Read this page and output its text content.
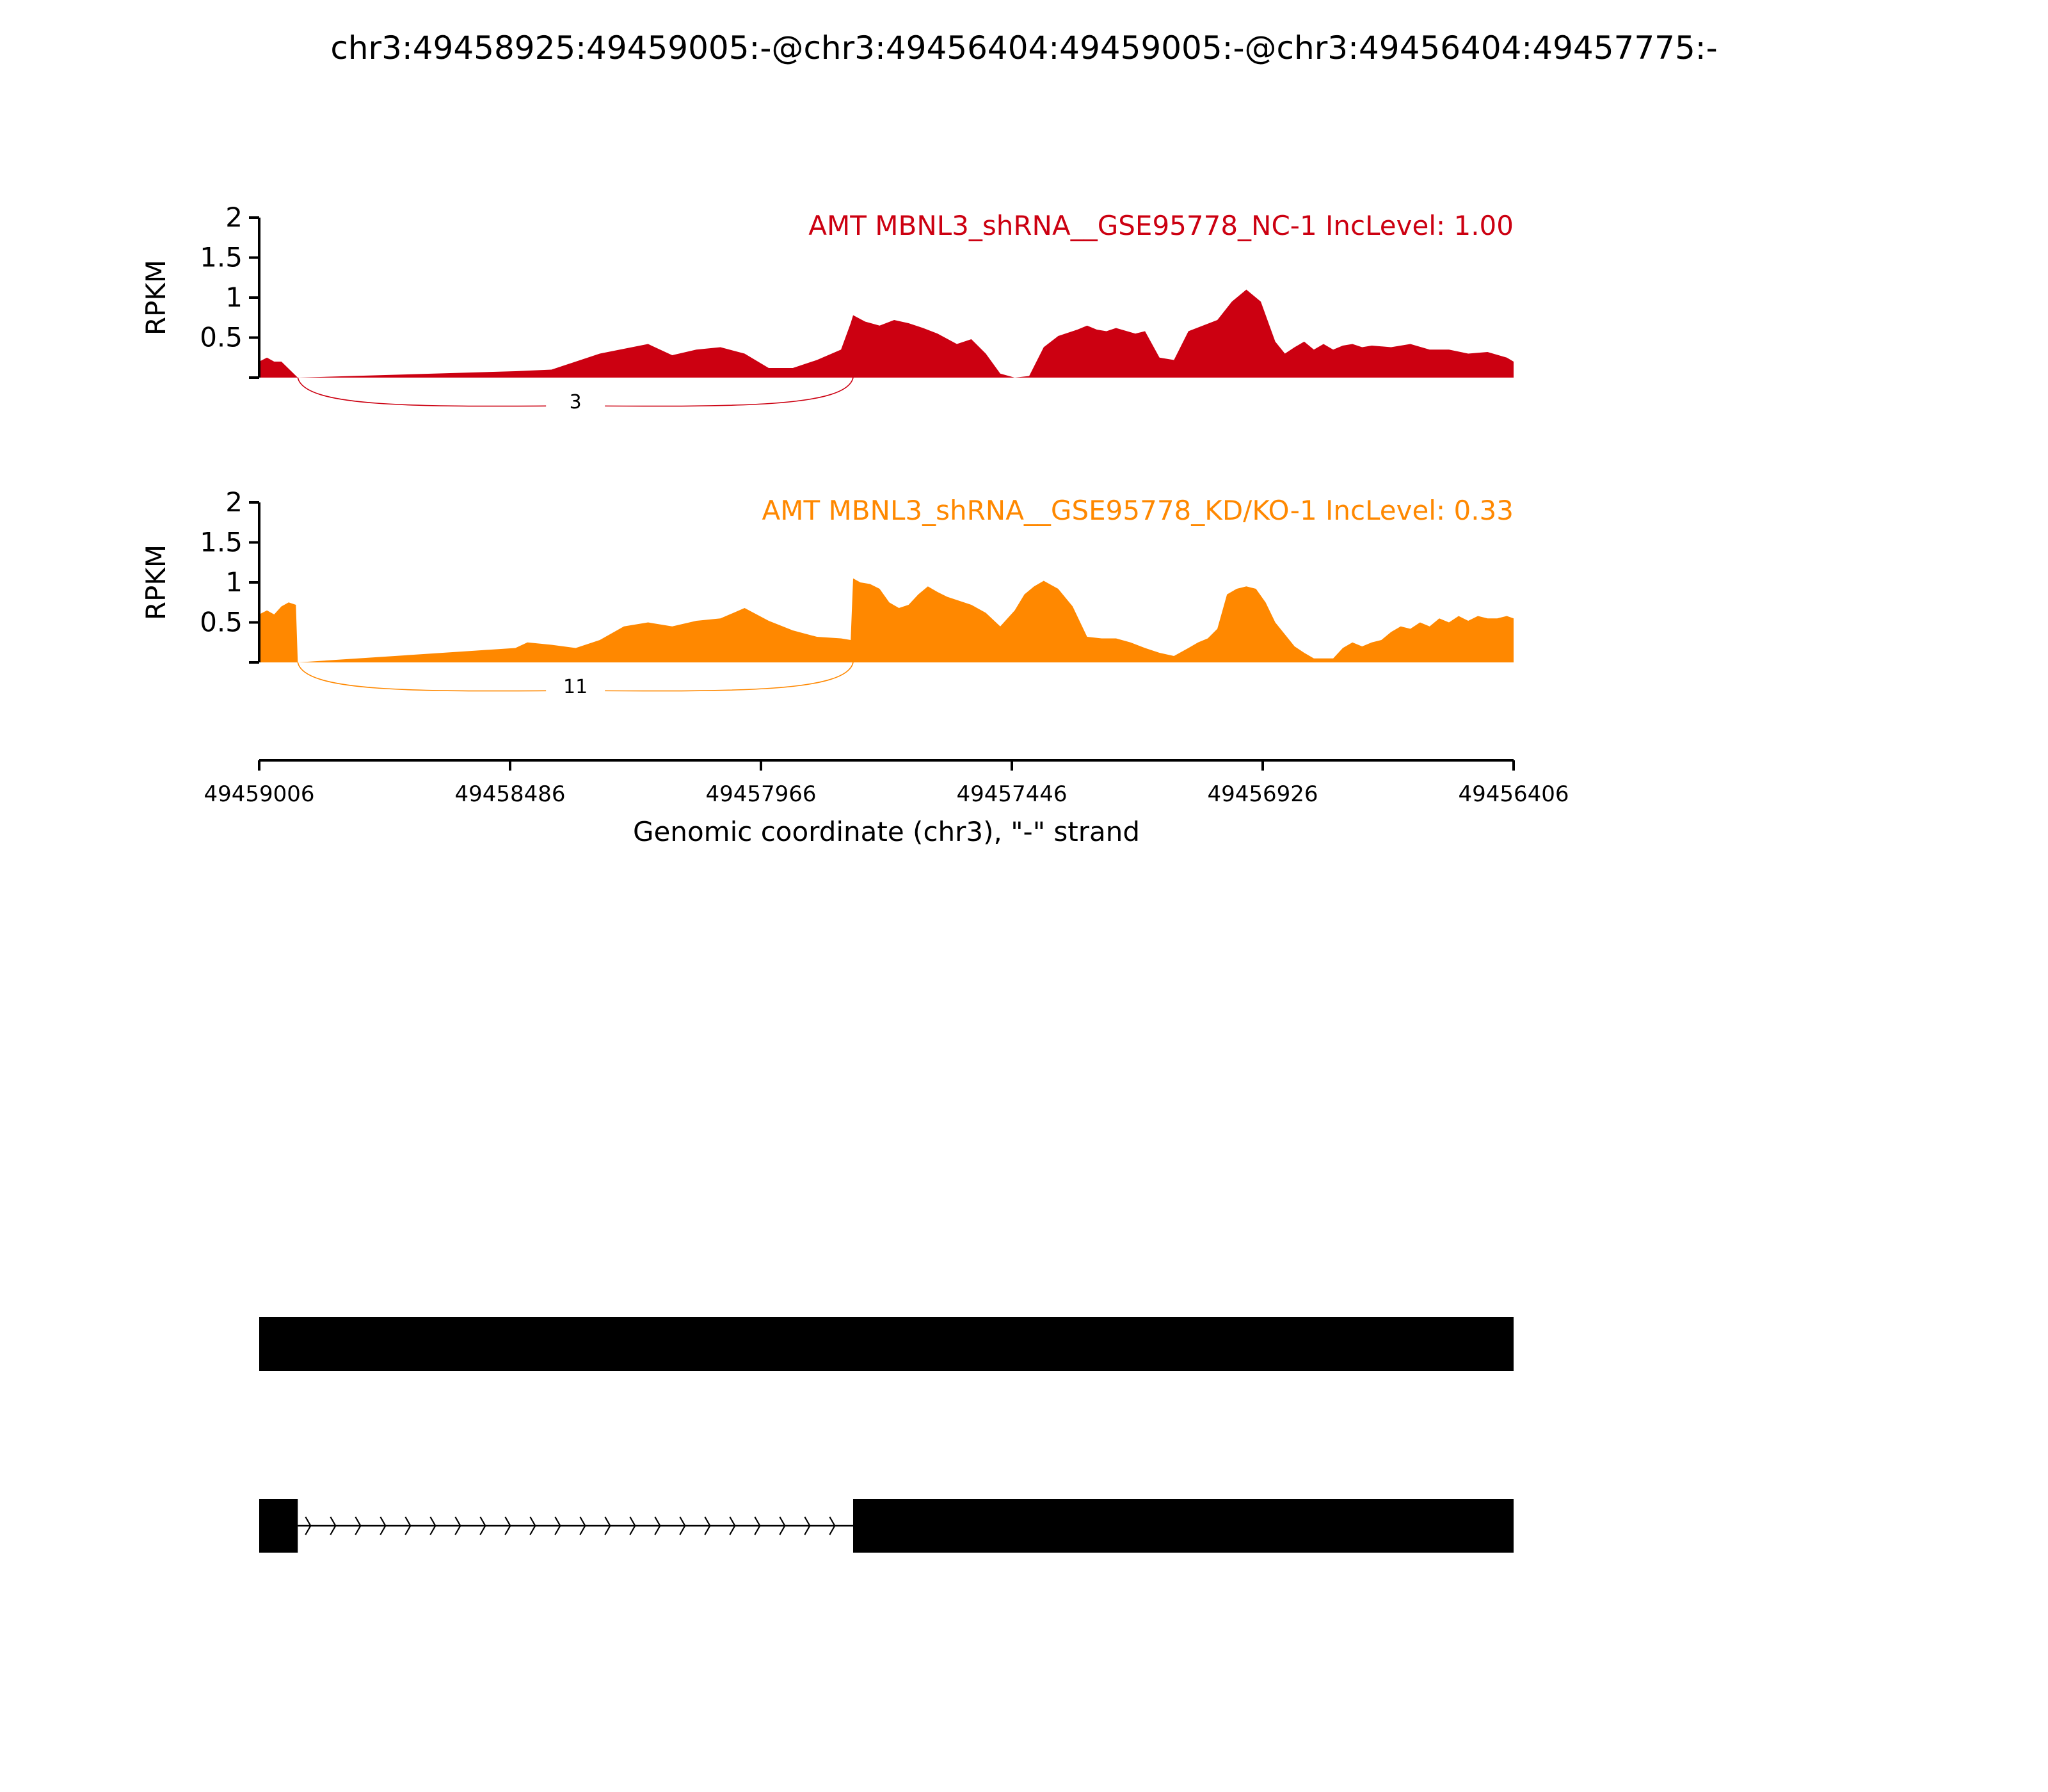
chr3:49458925:49459005:-@chr3:49456404:49459005:-@chr3:49456404:49457775:-
2
1.5
1
0.5
RPKM
AMT MBNL3_shRNA__GSE95778_NC-1 IncLevel: 1.00
3
2
1.5
1
0.5
RPKM
AMT MBNL3_shRNA__GSE95778_KD/KO-1 IncLevel: 0.33
11
49459006	49458486	49457966	49457446	49456926	49456406
Genomic coordinate (chr3), "-" strand
